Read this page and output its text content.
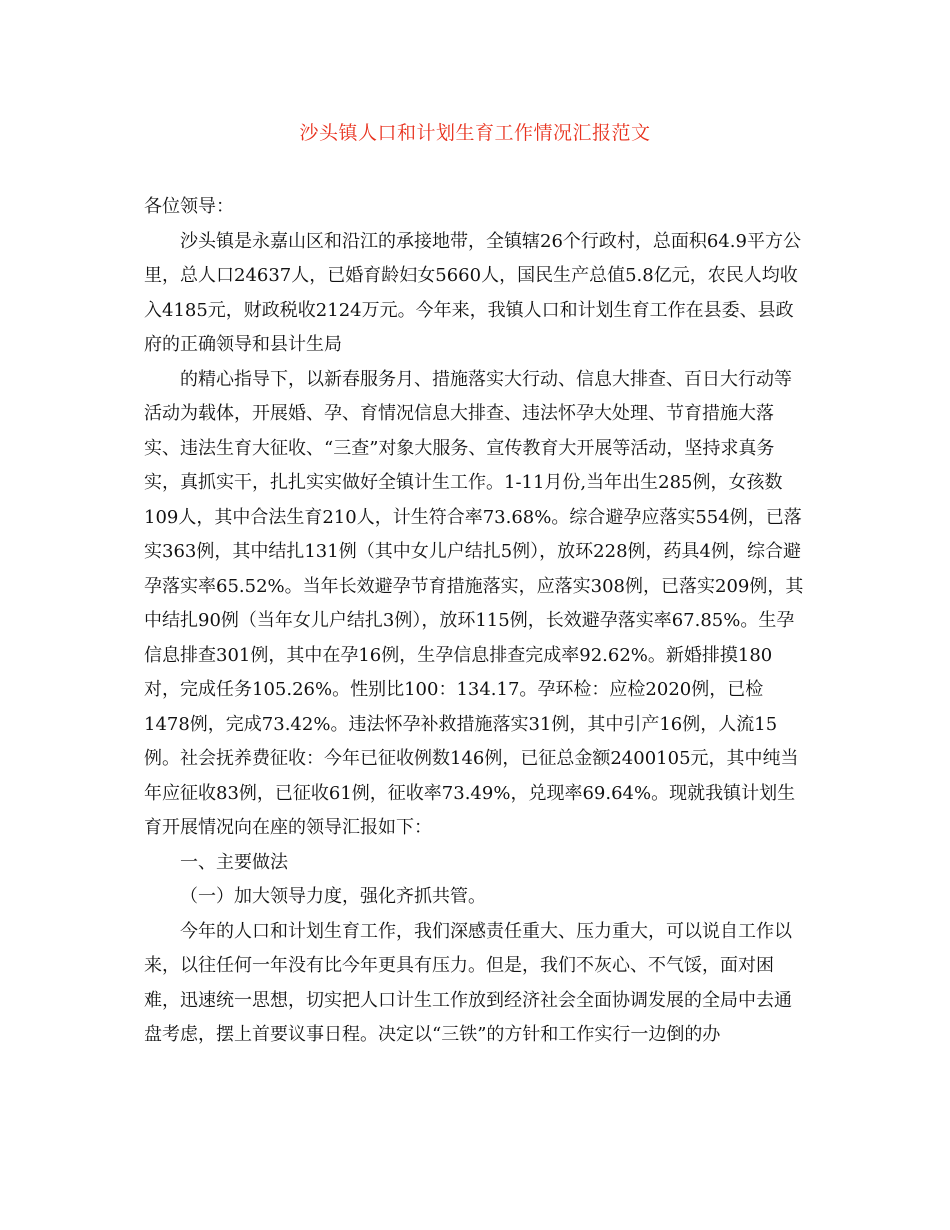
沙头镇人口和计划生育工作情况汇报范文

各位领导：

沙头镇是永嘉山区和沿江的承接地带，全镇辖26个行政村，总面积64.9平方公里，总人口24637人，已婚育龄妇女5660人，国民生产总值5.8亿元，农民人均收入4185元，财政税收2124万元。今年来，我镇人口和计划生育工作在县委、县政府的正确领导和县计生局

的精心指导下，以新春服务月、措施落实大行动、信息大排查、百日大行动等活动为载体，开展婚、孕、育情况信息大排查、违法怀孕大处理、节育措施大落实、违法生育大征收、“三查”对象大服务、宣传教育大开展等活动，坚持求真务实，真抓实干，扎扎实实做好全镇计生工作。1-11月份,当年出生285例，女孩数109人，其中合法生育210人，计生符合率73.68%。综合避孕应落实554例，已落实363例，其中结扎131例（其中女儿户结扎5例），放环228例，药具4例，综合避孕落实率65.52%。当年长效避孕节育措施落实，应落实308例，已落实209例，其中结扎90例（当年女儿户结扎3例），放环115例，长效避孕落实率67.85%。生孕信息排查301例，其中在孕16例，生孕信息排查完成率92.62%。新婚排摸180对，完成任务105.26%。性别比100：134.17。孕环检：应检2020例，已检1478例，完成73.42%。违法怀孕补救措施落实31例，其中引产16例，人流15例。社会抚养费征收：今年已征收例数146例，已征总金额2400105元，其中纯当年应征收83例，已征收61例，征收率73.49%，兑现率69.64%。现就我镇计划生育开展情况向在座的领导汇报如下：

一、主要做法

（一）加大领导力度，强化齐抓共管。

今年的人口和计划生育工作，我们深感责任重大、压力重大，可以说自工作以来，以往任何一年没有比今年更具有压力。但是，我们不灰心、不气馁，面对困难，迅速统一思想，切实把人口计生工作放到经济社会全面协调发展的全局中去通盘考虑，摆上首要议事日程。决定以“三铁”的方针和工作实行一边倒的办
